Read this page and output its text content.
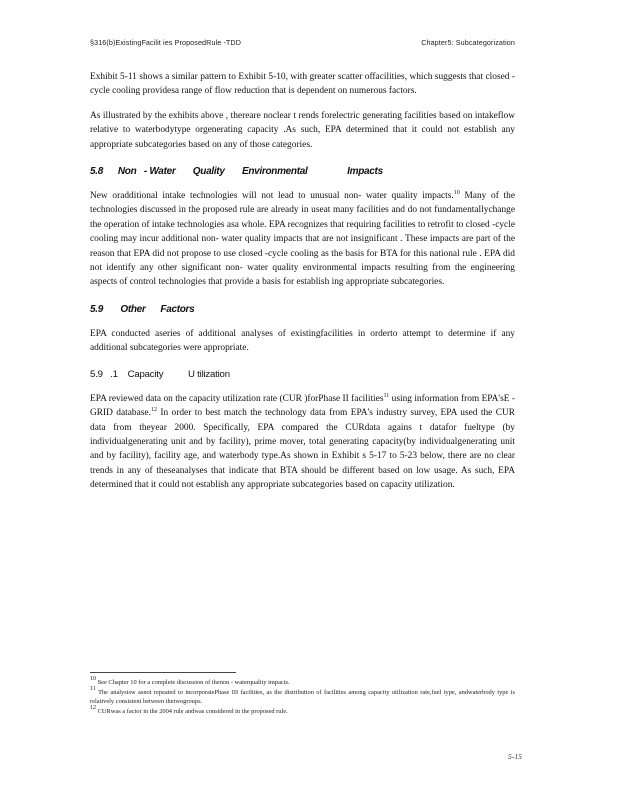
§316(b)ExistingFacilit ies ProposedRule -TDD	Chapter5: Subcategorization

Exhibit 5-11 shows a similar pattern to Exhibit 5-10, with greater scatter offacilities, which suggests that closed -cycle cooling providesa range of flow reduction that is dependent on numerous factors.

As illustrated by the exhibits above , thereare noclear t rends forelectric generating facilities based on intakeflow relative to waterbodytype orgenerating capacity .As such, EPA determined that it could not establish any appropriate subcategories based on any of those categories.

5.8      Non   - Water       Quality       Environmental                Impacts

New oradditional intake technologies will not lead to unusual non- water quality impacts.$^{10}$ Many of the technologies discussed in the proposed rule are already in useat many facilities and do not fundamentallychange the operation of intake technologies asa whole. EPA recognizes that requiring facilities to retrofit to closed -cycle cooling may incur additional non- water quality impacts that are not insignificant . These impacts are part of the reason that EPA did not propose to use closed -cycle cooling as the basis for BTA for this national rule . EPA did not identify any other significant non- water quality environmental impacts resulting from the engineering aspects of control technologies that provide a basis for establish ing appropriate subcategories.

5.9       Other      Factors

EPA conducted aseries of additional analyses of existingfacilities in orderto attempt to determine if any additional subcategories were appropriate.

5.9   .1    Capacity          U tilization

EPA reviewed data on the capacity utilization rate (CUR )forPhase II facilities$^{11}$ using information from EPA'sE - GRID database.$^{12}$ In order to best match the technology data from EPA's industry survey, EPA used the CUR data from theyear 2000. Specifically, EPA compared the CURdata agains t datafor fueltype (by individualgenerating unit and by facility), prime mover, total generating capacity(by individualgenerating unit and by facility), facility age, and waterbody type.As shown in Exhibit s 5-17 to 5-23 below, there are no clear trends in any of theseanalyses that indicate that BTA should be different based on low usage. As such, EPA determined that it could not establish any appropriate subcategories based on capacity utilization.

$^{10}$ See Chapter 10 for a complete discussion of thenon - waterquality impacts.
$^{11}$ The analysisw asnot repeated to incorporatePhase III facilities, as the distribution of facilities among capacity utilization rate,fuel type, andwaterbody type is relatively consistent between thetwogroups.
$^{12}$ CURwas a factor in the 2004 rule andwas considered in the proposed rule.
5-15
